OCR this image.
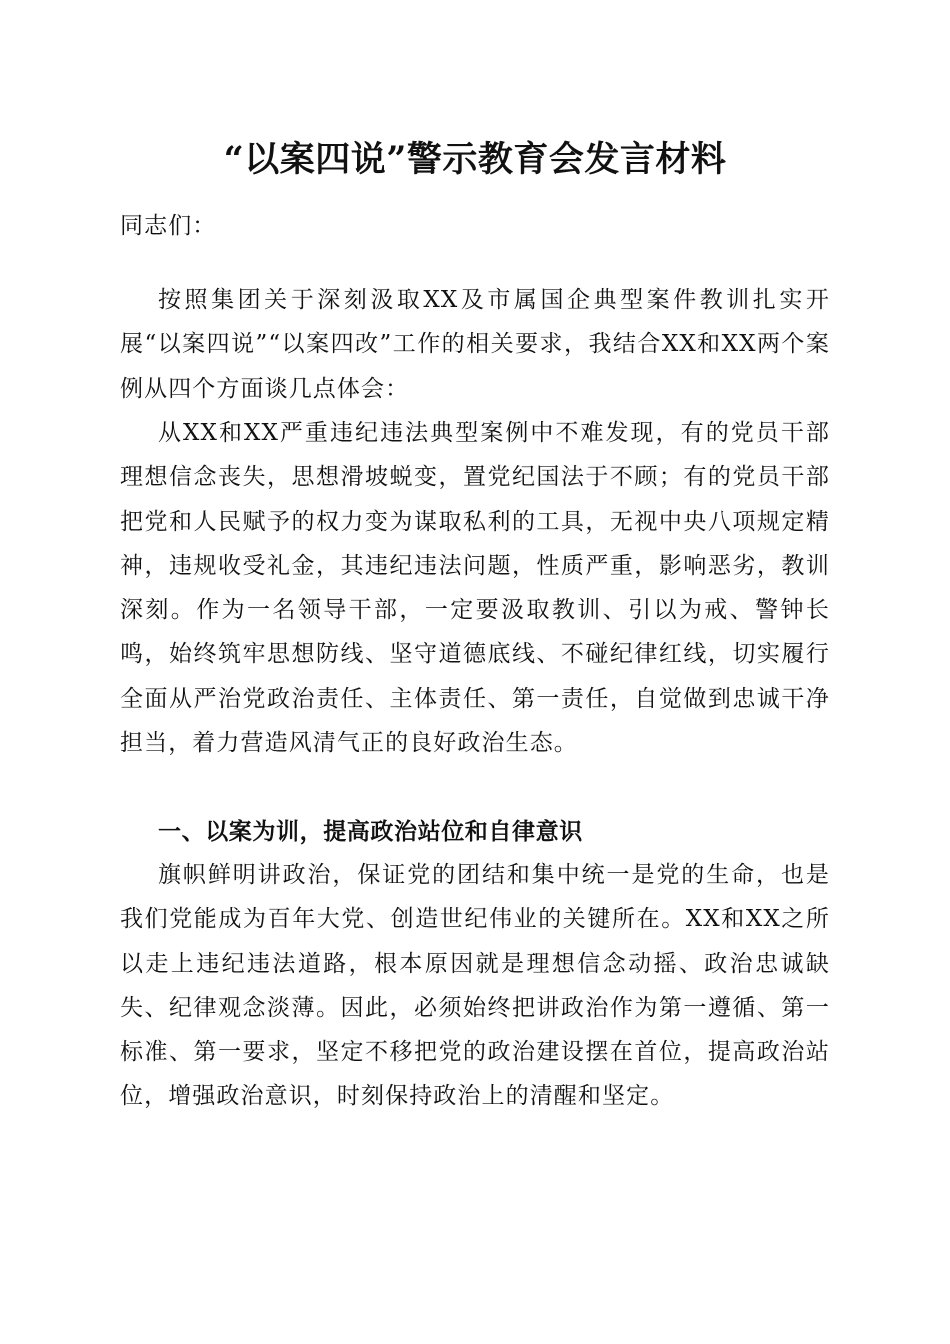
“以案四说”警示教育会发言材料
同志们：

按照集团关于深刻汲取XX及市属国企典型案件教训扎实开展“以案四说”“以案四改”工作的相关要求，我结合XX和XX两个案例从四个方面谈几点体会：

从XX和XX严重违纪违法典型案例中不难发现，有的党员干部理想信念丧失，思想滑坡蜕变，置党纪国法于不顾；有的党员干部把党和人民赋予的权力变为谋取私利的工具，无视中央八项规定精神，违规收受礼金，其违纪违法问题，性质严重，影响恶劣，教训深刻。作为一名领导干部，一定要汲取教训、引以为戒、警钟长鸣，始终筑牢思想防线、坚守道德底线、不碰纪律红线，切实履行全面从严治党政治责任、主体责任、第一责任，自觉做到忠诚干净担当，着力营造风清气正的良好政治生态。

一、以案为训，提高政治站位和自律意识

旗帜鲜明讲政治，保证党的团结和集中统一是党的生命，也是我们党能成为百年大党、创造世纪伟业的关键所在。XX和XX之所以走上违纪违法道路，根本原因就是理想信念动摇、政治忠诚缺失、纪律观念淡薄。因此，必须始终把讲政治作为第一遵循、第一标准、第一要求，坚定不移把党的政治建设摆在首位，提高政治站位，增强政治意识，时刻保持政治上的清醒和坚定。
